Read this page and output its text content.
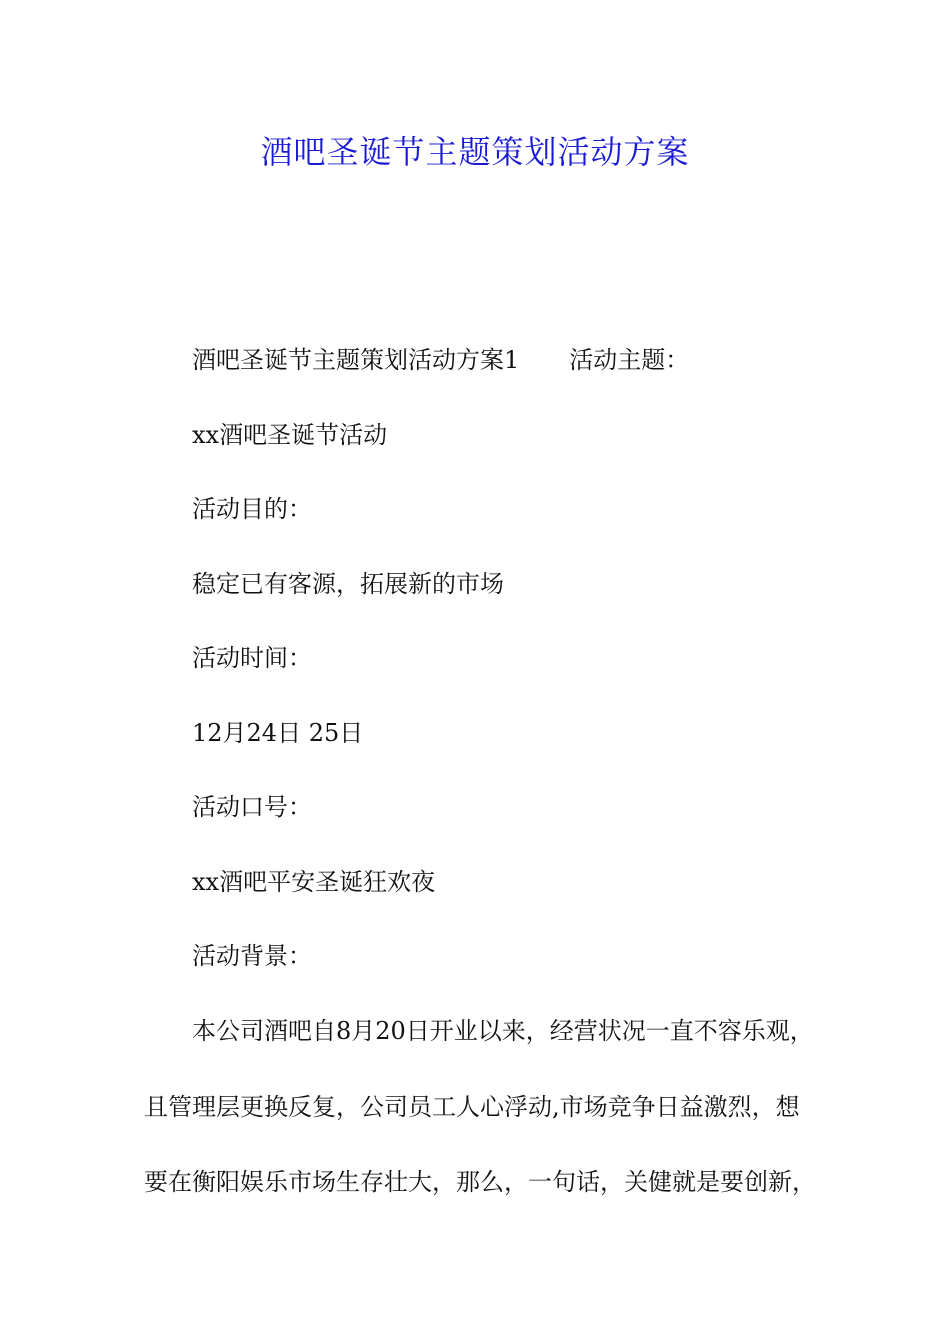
酒吧圣诞节主题策划活动方案
酒吧圣诞节主题策划活动方案1 活动主题：
xx酒吧圣诞节活动
活动目的：
稳定已有客源，拓展新的市场
活动时间：
12月24日 25日
活动口号：
xx酒吧平安圣诞狂欢夜
活动背景：
本公司酒吧自8月20日开业以来，经营状况一直不容乐观，
且管理层更换反复，公司员工人心浮动,市场竞争日益激烈，想
要在衡阳娱乐市场生存壮大，那么，一句话，关健就是要创新，
